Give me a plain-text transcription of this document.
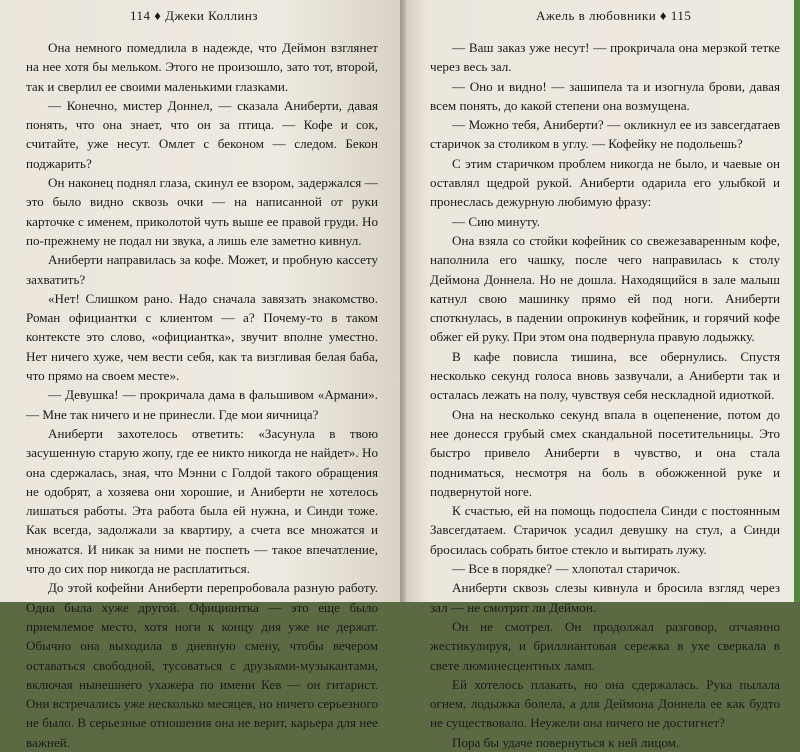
114 ♦ Джеки Коллинз

Она немного помедлила в надежде, что Деймон взглянет на нее хотя бы мельком. Этого не произошло, зато тот, второй, так и сверлил ее своими маленькими глазками.

— Конечно, мистер Доннел, — сказала Аниберти, давая понять, что она знает, что он за птица. — Кофе и сок, считайте, уже несут. Омлет с беконом — следом. Бекон поджарить?

Он наконец поднял глаза, скинул ее взором, задержался — это было видно сквозь очки — на написанной от руки карточке с именем, приколотой чуть выше ее правой груди. Но по-прежнему не подал ни звука, а лишь еле заметно кивнул.

Аниберти направилась за кофе. Может, и пробную кассету захватить?

«Нет! Слишком рано. Надо сначала завязать знакомство. Роман официантки с клиентом — а? Почему-то в таком контексте это слово, «официантка», звучит вполне уместно. Нет ничего хуже, чем вести себя, как та визгливая белая баба, что прямо на своем месте».

— Девушка! — прокричала дама в фальшивом «Армани». — Мне так ничего и не принесли. Где мои яичница?

Аниберти захотелось ответить: «Засунула в твою засушенную старую жопу, где ее никто никогда не найдет». Но она сдержалась, зная, что Мэнни с Голдой такого обращения не одобрят, а хозяева они хорошие, и Аниберти не хотелось лишаться работы. Эта работа была ей нужна, и Синди тоже. Как всегда, задолжали за квартиру, а счета все множатся и множатся. И никак за ними не поспеть — такое впечатление, что до сих пор никогда не расплатиться.

До этой кофейни Аниберти перепробовала разную работу. Одна была хуже другой. Официантка — это еще было приемлемое место, хотя ноги к концу дня уже не держат. Обычно она выходила в дневную смену, чтобы вечером оставаться свободной, тусоваться с друзьями-музыкантами, включая нынешнего ухажера по имени Кев — он гитарист. Они встречались уже несколько месяцев, но ничего серьезного не было. В серьезные отношения она не верит, карьера для нее важней.

Ажель в любовники ♦ 115

— Ваш заказ уже несут! — прокричала она мерзкой тетке через весь зал.

— Оно и видно! — зашипела та и изогнула брови, давая всем понять, до какой степени она возмущена.

— Можно тебя, Аниберти? — окликнул ее из завсегдатаев старичок за столиком в углу. — Кофейку не подольешь?

С этим старичком проблем никогда не было, и чаевые он оставлял щедрой рукой. Аниберти одарила его улыбкой и пронеслась дежурную любимую фразу:

— Сию минуту.

Она взяла со стойки кофейник со свежезаваренным кофе, наполнила его чашку, после чего направилась к столу Деймона Доннела. Но не дошла. Находящийся в зале малыш катнул свою машинку прямо ей под ноги. Аниберти споткнулась, в падении опрокинув кофейник, и горячий кофе обжег ей руку. При этом она подвернула правую лодыжку.

В кафе повисла тишина, все обернулись. Спустя несколько секунд голоса вновь зазвучали, а Аниберти так и осталась лежать на полу, чувствуя себя нескладной идиоткой.

Она на несколько секунд впала в оцепенение, потом до нее донесся грубый смех скандальной посетительницы. Это быстро привело Аниберти в чувство, и она стала подниматься, несмотря на боль в обожженной руке и подвернутой ноге.

К счастью, ей на помощь подоспела Синди с постоянным Завсегдатаем. Старичок усадил девушку на стул, а Синди бросилась собрать битое стекло и вытирать лужу.

— Все в порядке? — хлопотал старичок.

Аниберти сквозь слезы кивнула и бросила взгляд через зал — не смотрит ли Деймон.

Он не смотрел. Он продолжал разговор, отчаянно жестикулируя, и бриллиантовая сережка в ухе сверкала в свете люминесцентных ламп.

Ей хотелось плакать, но она сдержалась. Рука пылала огнем, лодыжка болела, а для Деймона Доннела ее как будто не существовало. Неужели она ничего не достигнет?

Пора бы удаче повернуться к ней лицом.
